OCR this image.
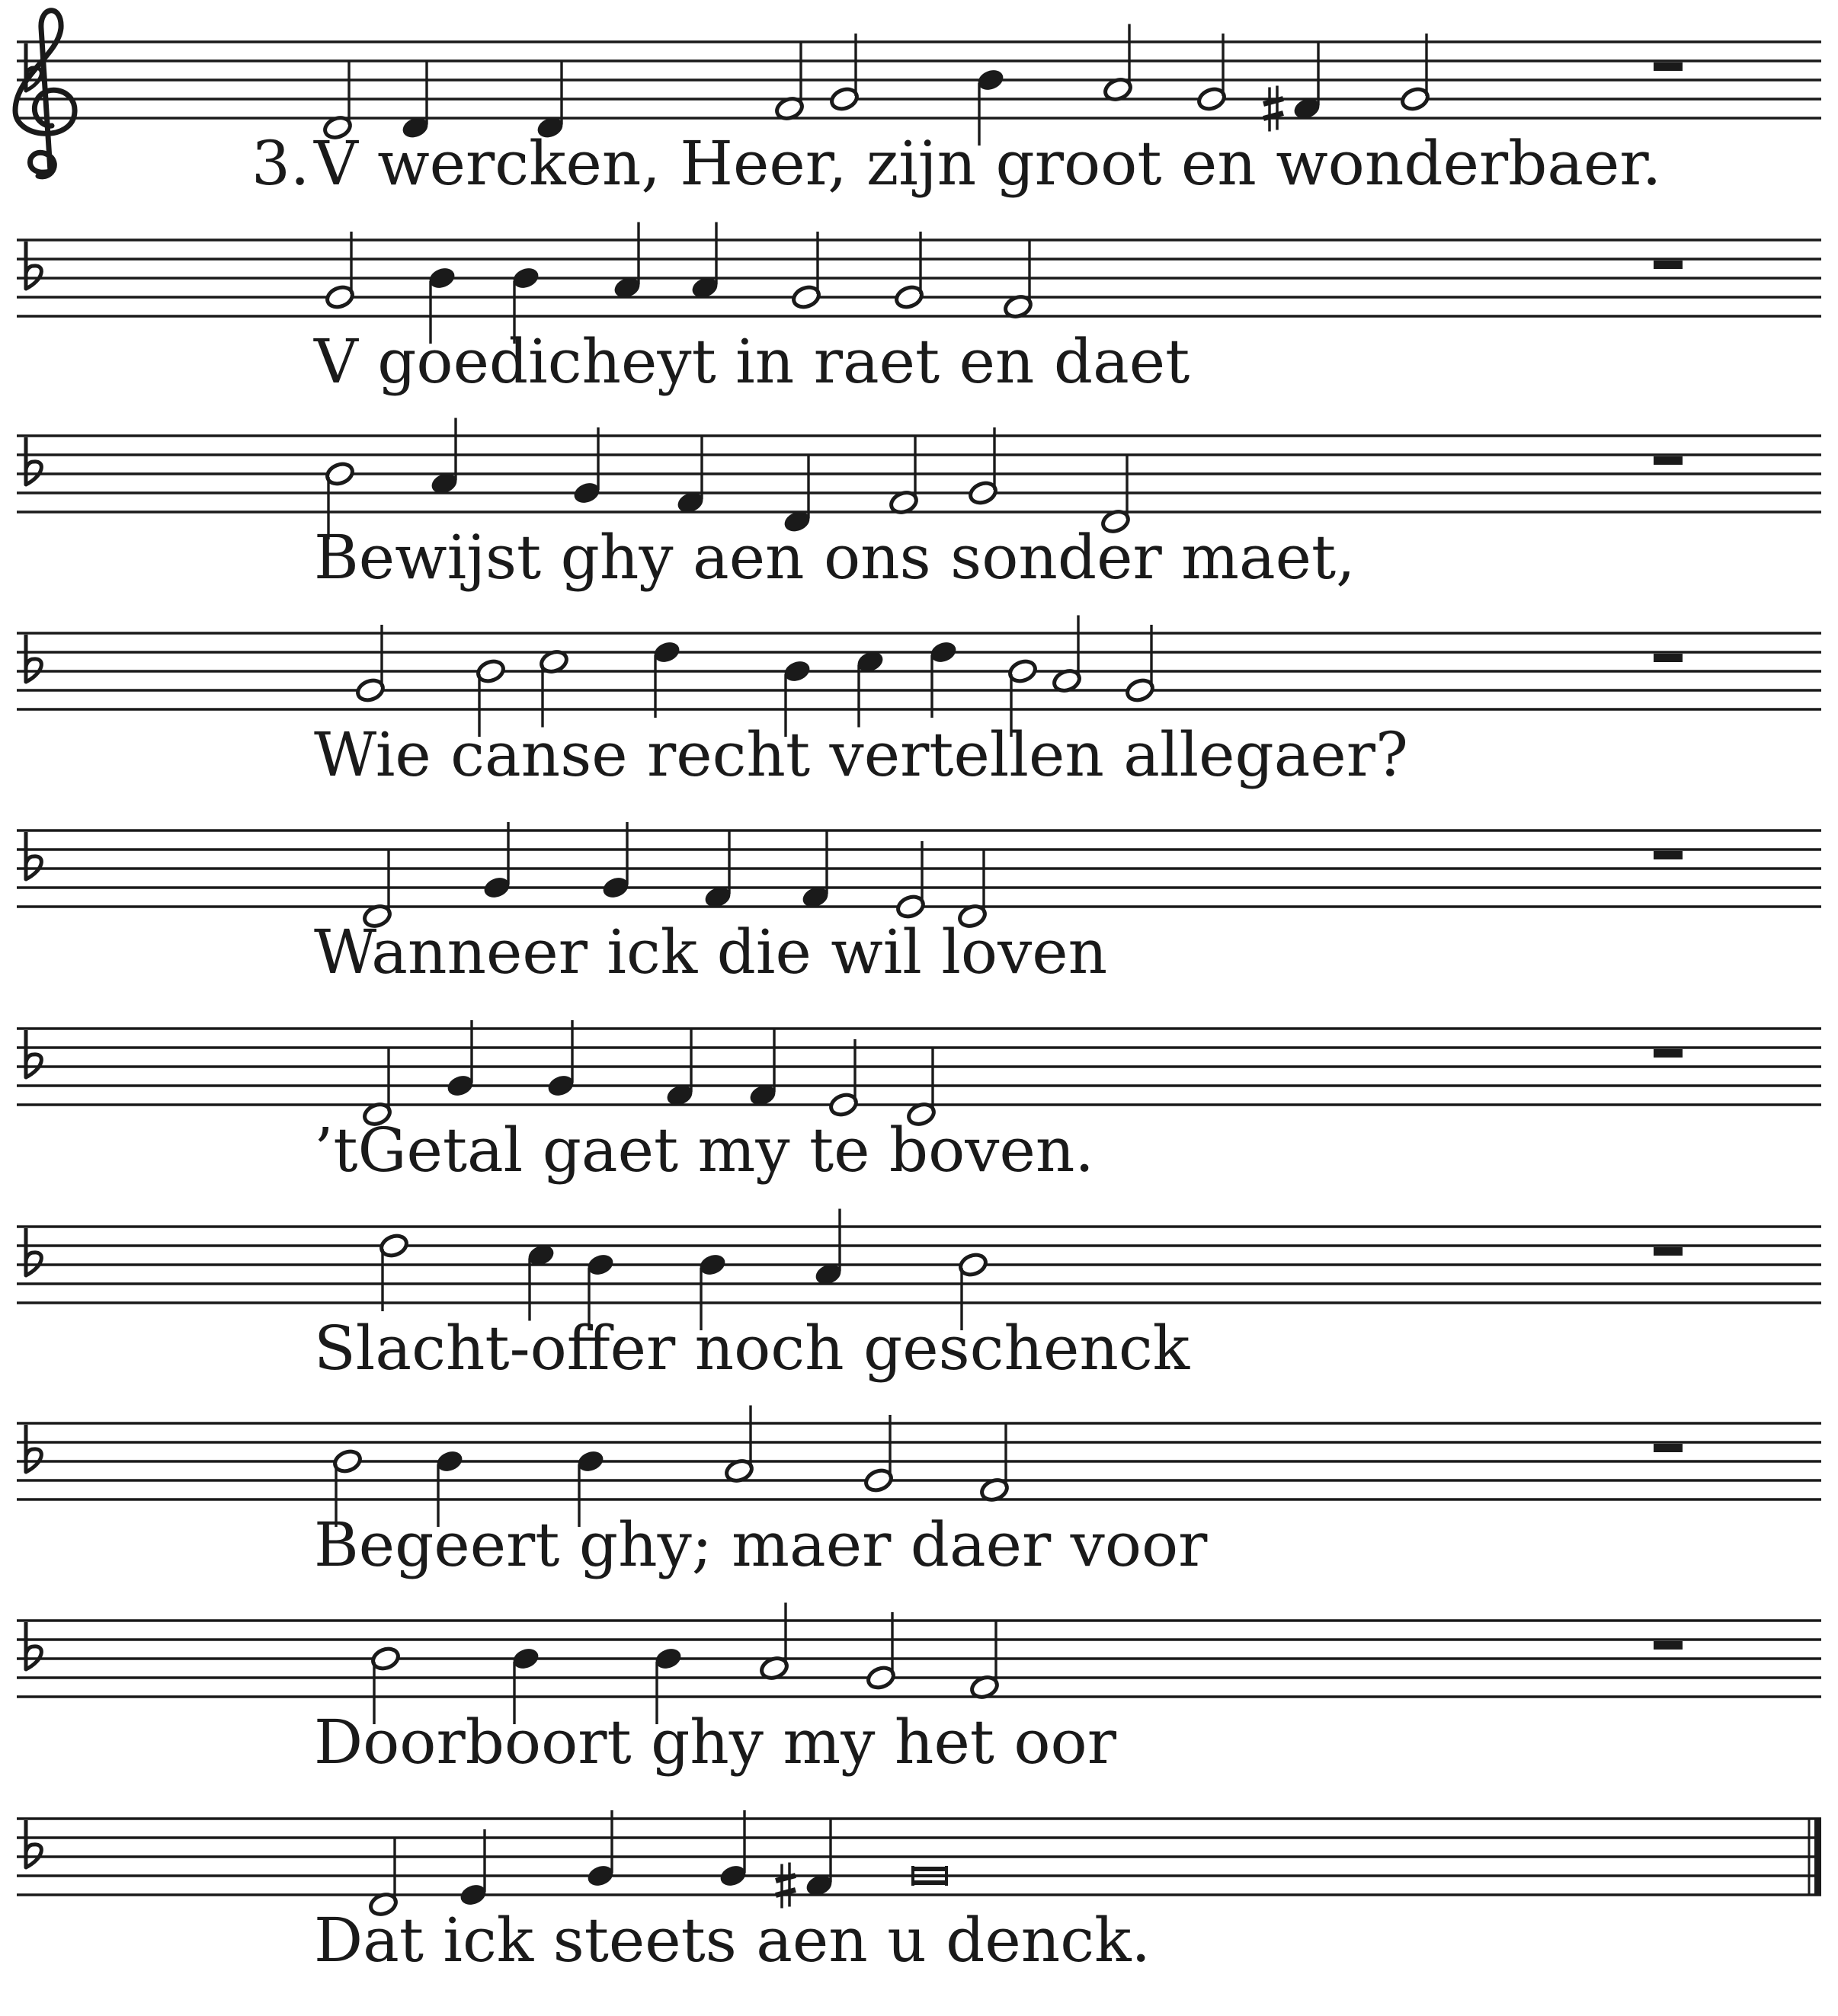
3. V wercken, Heer, zijn groot en wonderbaer.
V goedicheyt in raet en daet
Bewijst ghy aen ons sonder maet,
Wie canse recht vertellen allegaer?
Wanneer ick die wil loven
’tGetal gaet my te boven.
Slacht-offer noch geschenck
Begeert ghy; maer daer voor
Doorboort ghy my het oor
Dat ick steets aen u denck.
